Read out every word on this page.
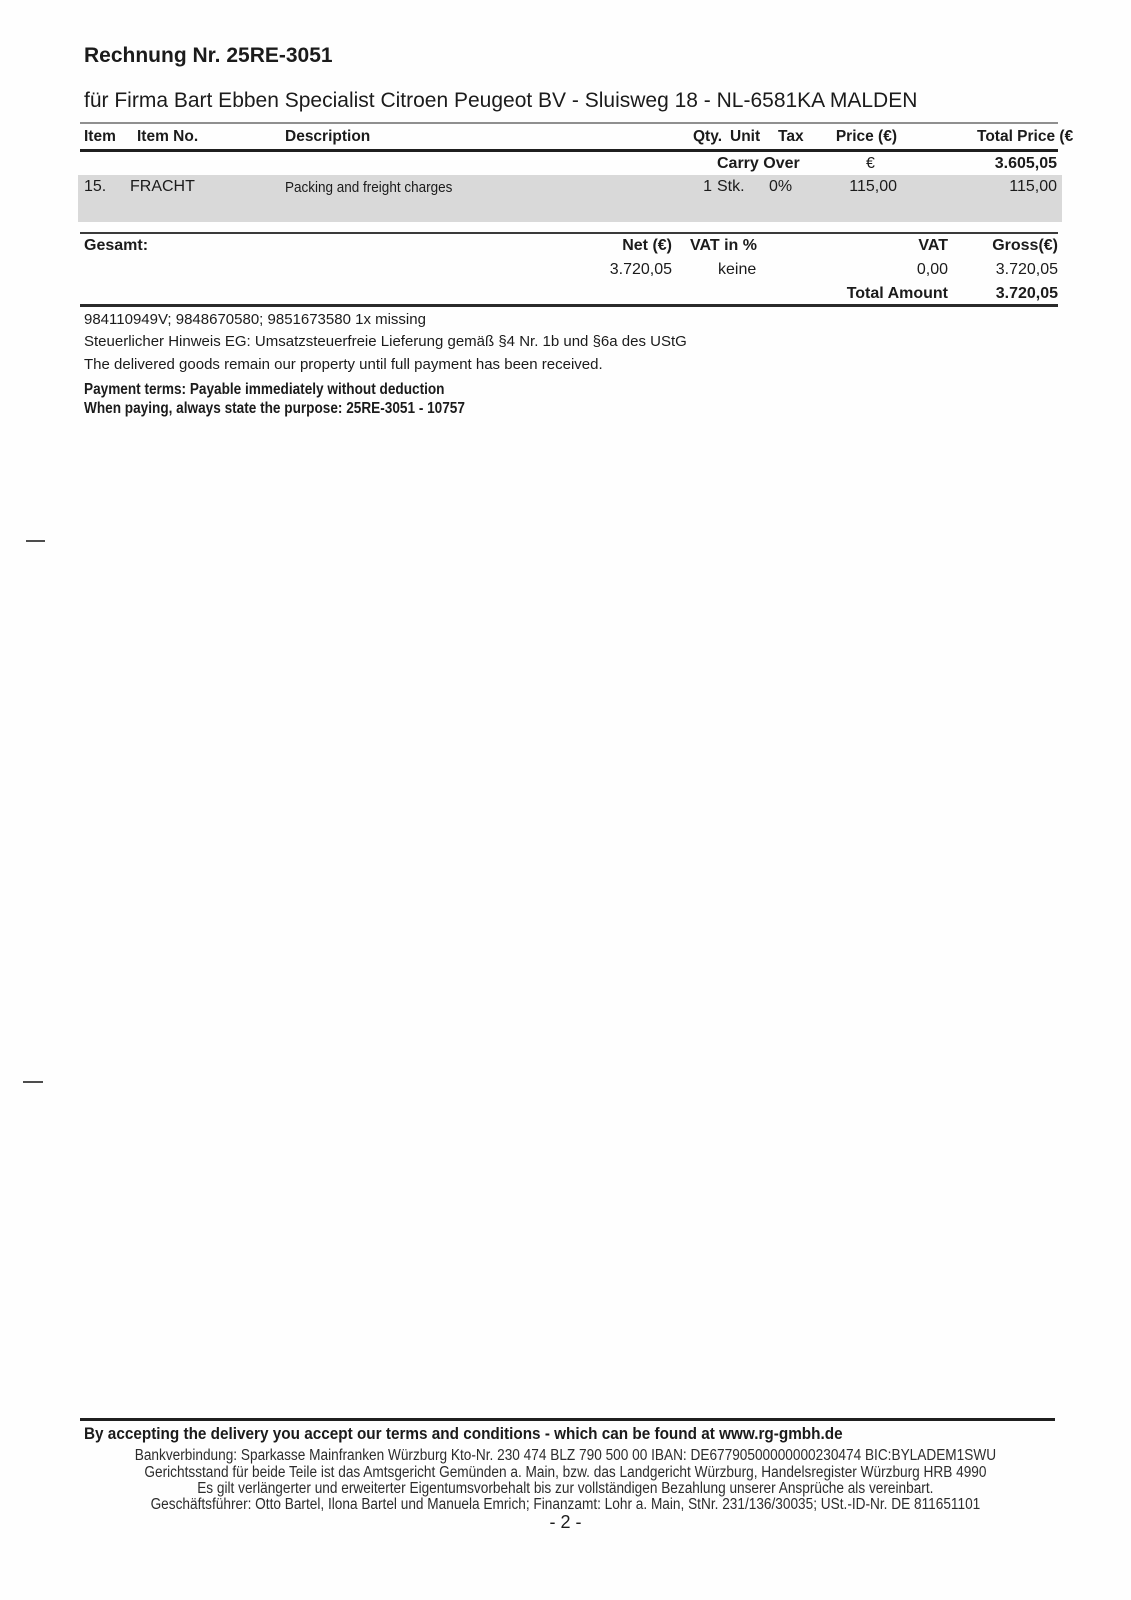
Rechnung Nr. 25RE-3051
für Firma Bart Ebben Specialist Citroen Peugeot BV - Sluisweg 18 - NL-6581KA MALDEN
Item Item No.	Description	Qty. Unit Tax	Price (€)	Total Price (€
Carry Over	€	3.605,05
15. FRACHT	Packing and freight charges	1 Stk. 0%	115,00	115,00
Gesamt:	Net (€) VAT in %	VAT	Gross(€)
3.720,05	keine	0,00	3.720,05
Total Amount	3.720,05
984110949V; 9848670580; 9851673580 1x missing
Steuerlicher Hinweis EG: Umsatzsteuerfreie Lieferung gemäß §4 Nr. 1b und §6a des UStG
The delivered goods remain our property until full payment has been received.
Payment terms: Payable immediately without deduction
When paying, always state the purpose: 25RE-3051 - 10757
By accepting the delivery you accept our terms and conditions - which can be found at www.rg-gmbh.de
Bankverbindung: Sparkasse Mainfranken Würzburg Kto-Nr. 230 474 BLZ 790 500 00 IBAN: DE67790500000000230474 BIC:BYLADEM1SWU
Gerichtsstand für beide Teile ist das Amtsgericht Gemünden a. Main, bzw. das Landgericht Würzburg, Handelsregister Würzburg HRB 4990
Es gilt verlängerter und erweiterter Eigentumsvorbehalt bis zur vollständigen Bezahlung unserer Ansprüche als vereinbart.
Geschäftsführer: Otto Bartel, Ilona Bartel und Manuela Emrich; Finanzamt: Lohr a. Main, StNr. 231/136/30035; USt.-ID-Nr. DE 811651101
- 2 -
